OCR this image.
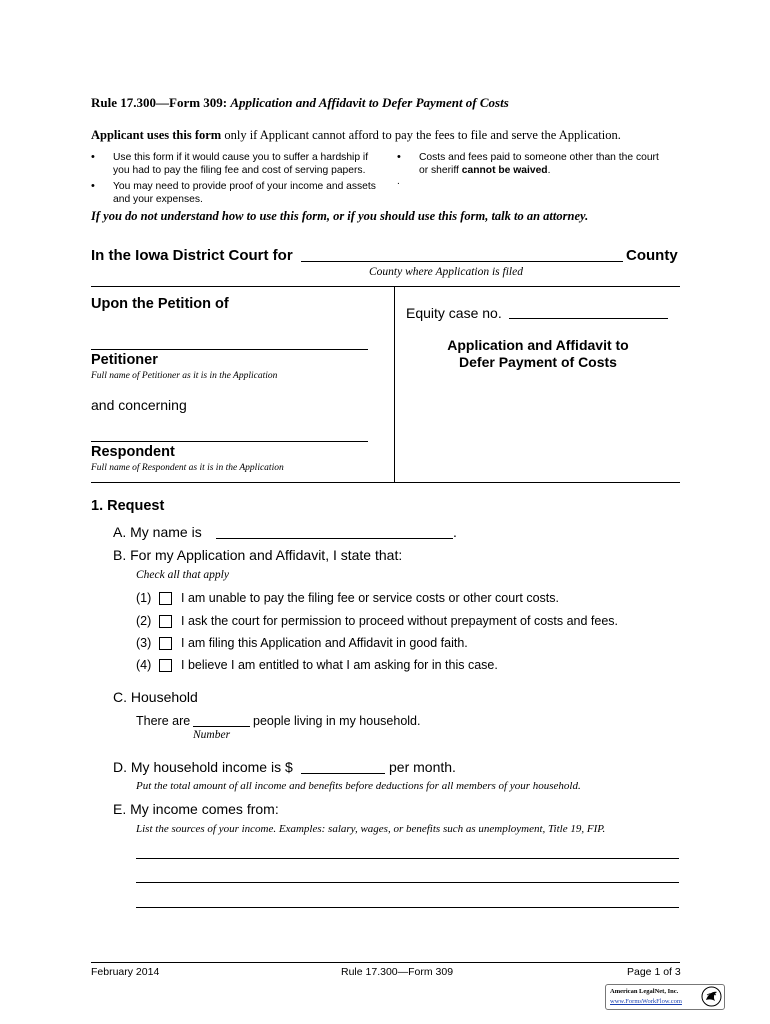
Rule 17.300—Form 309: Application and Affidavit to Defer Payment of Costs
Applicant uses this form only if Applicant cannot afford to pay the fees to file and serve the Application.
• Use this form if it would cause you to suffer a hardship if you had to pay the filing fee and cost of serving papers.
• You may need to provide proof of your income and assets and your expenses.
• Costs and fees paid to someone other than the court or sheriff cannot be waived.
.
If you do not understand how to use this form, or if you should use this form, talk to an attorney.
In the Iowa District Court for	County
County where Application is filed
Upon the Petition of
Petitioner
Full name of Petitioner as it is in the Application
and concerning
Respondent
Full name of Respondent as it is in the Application
Equity case no.
Application and Affidavit to
Defer Payment of Costs
1. Request
A. My name is	.
B. For my Application and Affidavit, I state that:
Check all that apply
(1) I am unable to pay the filing fee or service costs or other court costs.
(2) I ask the court for permission to proceed without prepayment of costs and fees.
(3) I am filing this Application and Affidavit in good faith.
(4) I believe I am entitled to what I am asking for in this case.
C. Household
There are	people living in my household.
Number
D. My household income is $	per month.
Put the total amount of all income and benefits before deductions for all members of your household.
E. My income comes from:
List the sources of your income. Examples: salary, wages, or benefits such as unemployment, Title 19, FIP.
February 2014	Rule 17.300—Form 309	Page 1 of 3
American LegalNet, Inc.
www.FormsWorkFlow.com
